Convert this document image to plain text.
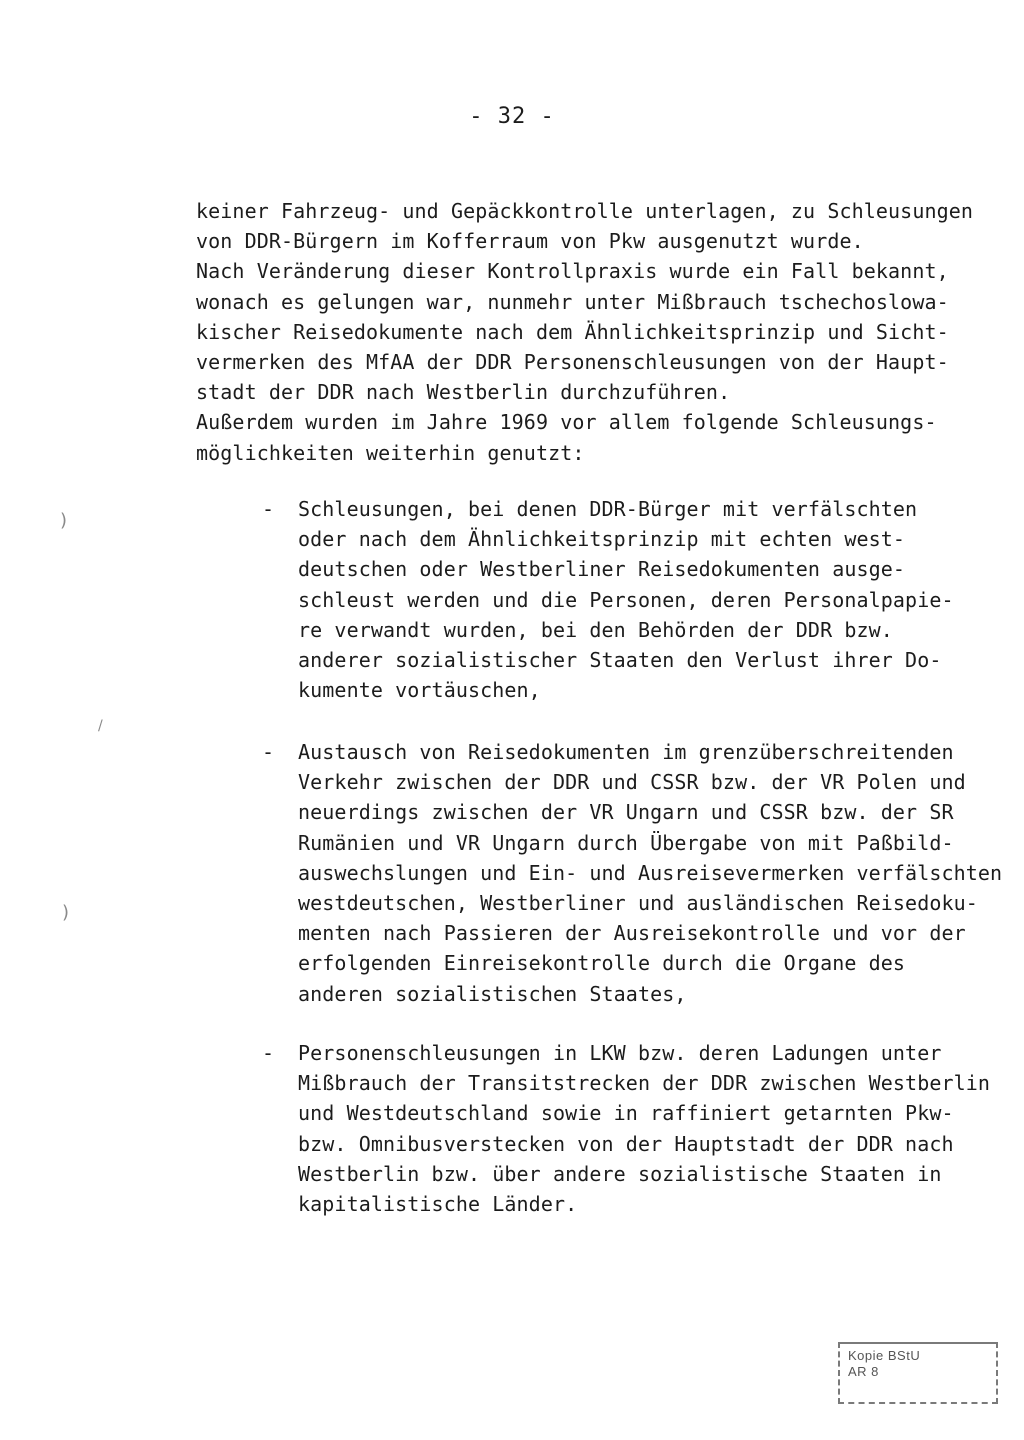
- 32 -
keiner Fahrzeug- und Gepäckkontrolle unterlagen, zu Schleusungen
von DDR-Bürgern im Kofferraum von Pkw ausgenutzt wurde.
Nach Veränderung dieser Kontrollpraxis wurde ein Fall bekannt,
wonach es gelungen war, nunmehr unter Mißbrauch tschechoslowa-
kischer Reisedokumente nach dem Ähnlichkeitsprinzip und Sicht-
vermerken des MfAA der DDR Personenschleusungen von der Haupt-
stadt der DDR nach Westberlin durchzuführen.
Außerdem wurden im Jahre 1969 vor allem folgende Schleusungs-
möglichkeiten weiterhin genutzt:
- Schleusungen, bei denen DDR-Bürger mit verfälschten
oder nach dem Ähnlichkeitsprinzip mit echten west-
deutschen oder Westberliner Reisedokumenten ausge-
schleust werden und die Personen, deren Personalpapie-
re verwandt wurden, bei den Behörden der DDR bzw.
anderer sozialistischer Staaten den Verlust ihrer Do-
kumente vortäuschen,
- Austausch von Reisedokumenten im grenzüberschreitenden
Verkehr zwischen der DDR und CSSR bzw. der VR Polen und
neuerdings zwischen der VR Ungarn und CSSR bzw. der SR
Rumänien und VR Ungarn durch Übergabe von mit Paßbild-
auswechslungen und Ein- und Ausreisevermerken verfälschten
westdeutschen, Westberliner und ausländischen Reisedoku-
menten nach Passieren der Ausreisekontrolle und vor der
erfolgenden Einreisekontrolle durch die Organe des
anderen sozialistischen Staates,
- Personenschleusungen in LKW bzw. deren Ladungen unter
Mißbrauch der Transitstrecken der DDR zwischen Westberlin
und Westdeutschland sowie in raffiniert getarnten Pkw-
bzw. Omnibusverstecken von der Hauptstadt der DDR nach
Westberlin bzw. über andere sozialistische Staaten in
kapitalistische Länder.
)
/
)
Kopie BStU
AR 8
